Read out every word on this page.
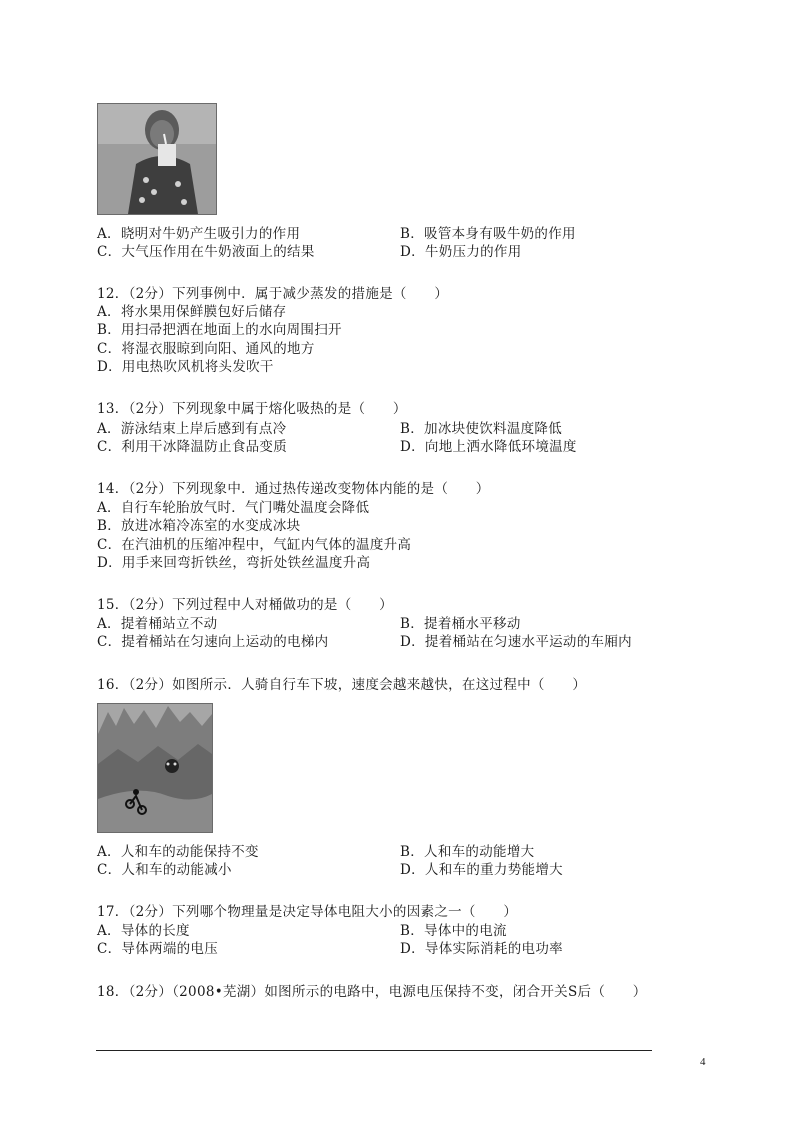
A．晓明对牛奶产生吸引力的作用	B．吸管本身有吸牛奶的作用
C．大气压作用在牛奶液面上的结果	D．牛奶压力的作用
12．（2分）下列事例中．属于减少蒸发的措施是（　　）
A．将水果用保鲜膜包好后储存
B．用扫帚把洒在地面上的水向周围扫开
C．将湿衣服晾到向阳、通风的地方
D．用电热吹风机将头发吹干
13．（2分）下列现象中属于熔化吸热的是（　　）
A．游泳结束上岸后感到有点冷	B．加冰块使饮料温度降低
C．利用干冰降温防止食品变质	D．向地上洒水降低环境温度
14．（2分）下列现象中．通过热传递改变物体内能的是（　　）
A．自行车轮胎放气时．气门嘴处温度会降低
B．放进冰箱冷冻室的水变成冰块
C．在汽油机的压缩冲程中，气缸内气体的温度升高
D．用手来回弯折铁丝，弯折处铁丝温度升高
15．（2分）下列过程中人对桶做功的是（　　）
A．提着桶站立不动	B．提着桶水平移动
C．提着桶站在匀速向上运动的电梯内	D．提着桶站在匀速水平运动的车厢内
16．（2分）如图所示．人骑自行车下坡，速度会越来越快，在这过程中（　　）
A．人和车的动能保持不变	B．人和车的动能增大
C．人和车的动能减小	D．人和车的重力势能增大
17．（2分）下列哪个物理量是决定导体电阻大小的因素之一（　　）
A．导体的长度	B．导体中的电流
C．导体两端的电压	D．导体实际消耗的电功率
18．（2分）（2008•芜湖）如图所示的电路中，电源电压保持不变，闭合开关S后（　　）
4
